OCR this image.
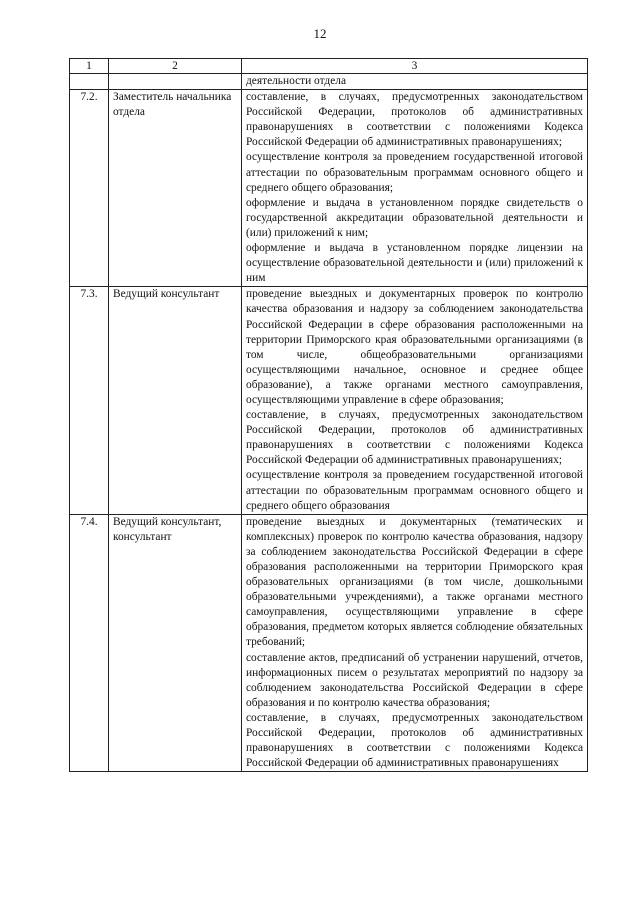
12
1	2	3

		деятельности отдела

7.2.	Заместитель начальника отдела	составление, в случаях, предусмотренных законодательством Российской Федерации, протоколов об административных правонарушениях в соответствии с положениями Кодекса Российской Федерации об административных правонарушениях;
осуществление контроля за проведением государственной итоговой аттестации по образовательным программам основного общего и среднего общего образования;
оформление и выдача в установленном порядке свидетельств о государственной аккредитации образовательной деятельности и (или) приложений к ним;
оформление и выдача в установленном порядке лицензии на осуществление образовательной деятельности и (или) приложений к ним

7.3.	Ведущий консультант	проведение выездных и документарных проверок по контролю качества образования и надзору за соблюдением законодательства Российской Федерации в сфере образования расположенными на территории Приморского края образовательными организациями (в том числе, общеобразовательными организациями осуществляющими начальное, основное и среднее общее образование), а также органами местного самоуправления, осуществляющими управление в сфере образования;
составление, в случаях, предусмотренных законодательством Российской Федерации, протоколов об административных правонарушениях в соответствии с положениями Кодекса Российской Федерации об административных правонарушениях;
осуществление контроля за проведением государственной итоговой аттестации по образовательным программам основного общего и среднего общего образования

7.4.	Ведущий консультант, консультант	проведение выездных и документарных (тематических и комплексных) проверок по контролю качества образования, надзору за соблюдением законодательства Российской Федерации в сфере образования расположенными на территории Приморского края образовательных организациями (в том числе, дошкольными образовательными учреждениями), а также органами местного самоуправления, осуществляющими управление в сфере образования, предметом которых является соблюдение обязательных требований;
составление актов, предписаний об устранении нарушений, отчетов, информационных писем о результатах мероприятий по надзору за соблюдением законодательства Российской Федерации в сфере образования и по контролю качества образования;
составление, в случаях, предусмотренных законодательством Российской Федерации, протоколов об административных правонарушениях в соответствии с положениями Кодекса Российской Федерации об административных правонарушениях
